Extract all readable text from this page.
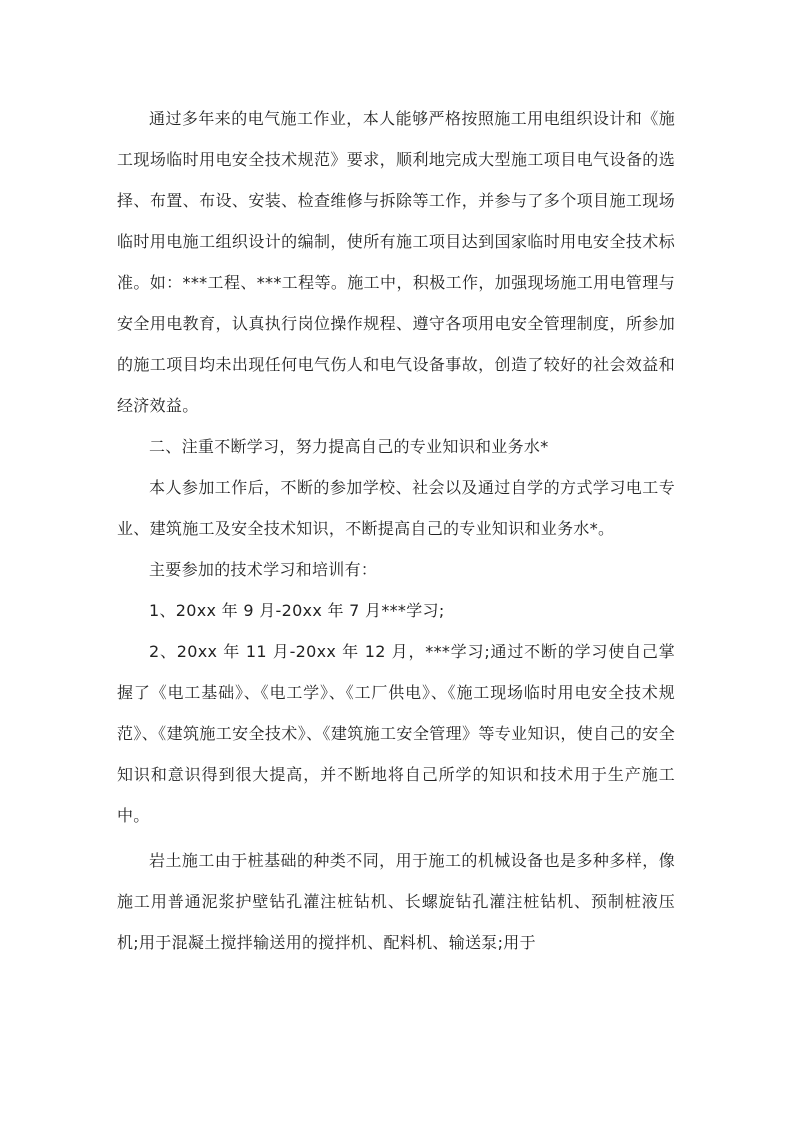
通过多年来的电气施工作业，本人能够严格按照施工用电组织设计和《施工现场临时用电安全技术规范》要求，顺利地完成大型施工项目电气设备的选择、布置、布设、安装、检查维修与拆除等工作，并参与了多个项目施工现场临时用电施工组织设计的编制，使所有施工项目达到国家临时用电安全技术标准。如：***工程、***工程等。施工中，积极工作，加强现场施工用电管理与安全用电教育，认真执行岗位操作规程、遵守各项用电安全管理制度，所参加的施工项目均未出现任何电气伤人和电气设备事故，创造了较好的社会效益和经济效益。

二、注重不断学习，努力提高自己的专业知识和业务水*

本人参加工作后，不断的参加学校、社会以及通过自学的方式学习电工专业、建筑施工及安全技术知识，不断提高自己的专业知识和业务水*。

主要参加的技术学习和培训有：

1、20xx 年 9 月-20xx 年 7 月***学习;

2、20xx 年 11 月-20xx 年 12 月，***学习;通过不断的学习使自己掌握了《电工基础》、《电工学》、《工厂供电》、《施工现场临时用电安全技术规范》、《建筑施工安全技术》、《建筑施工安全管理》等专业知识，使自己的安全知识和意识得到很大提高，并不断地将自己所学的知识和技术用于生产施工中。

岩土施工由于桩基础的种类不同，用于施工的机械设备也是多种多样，像施工用普通泥浆护壁钻孔灌注桩钻机、长螺旋钻孔灌注桩钻机、预制桩液压机;用于混凝土搅拌输送用的搅拌机、配料机、输送泵;用于
